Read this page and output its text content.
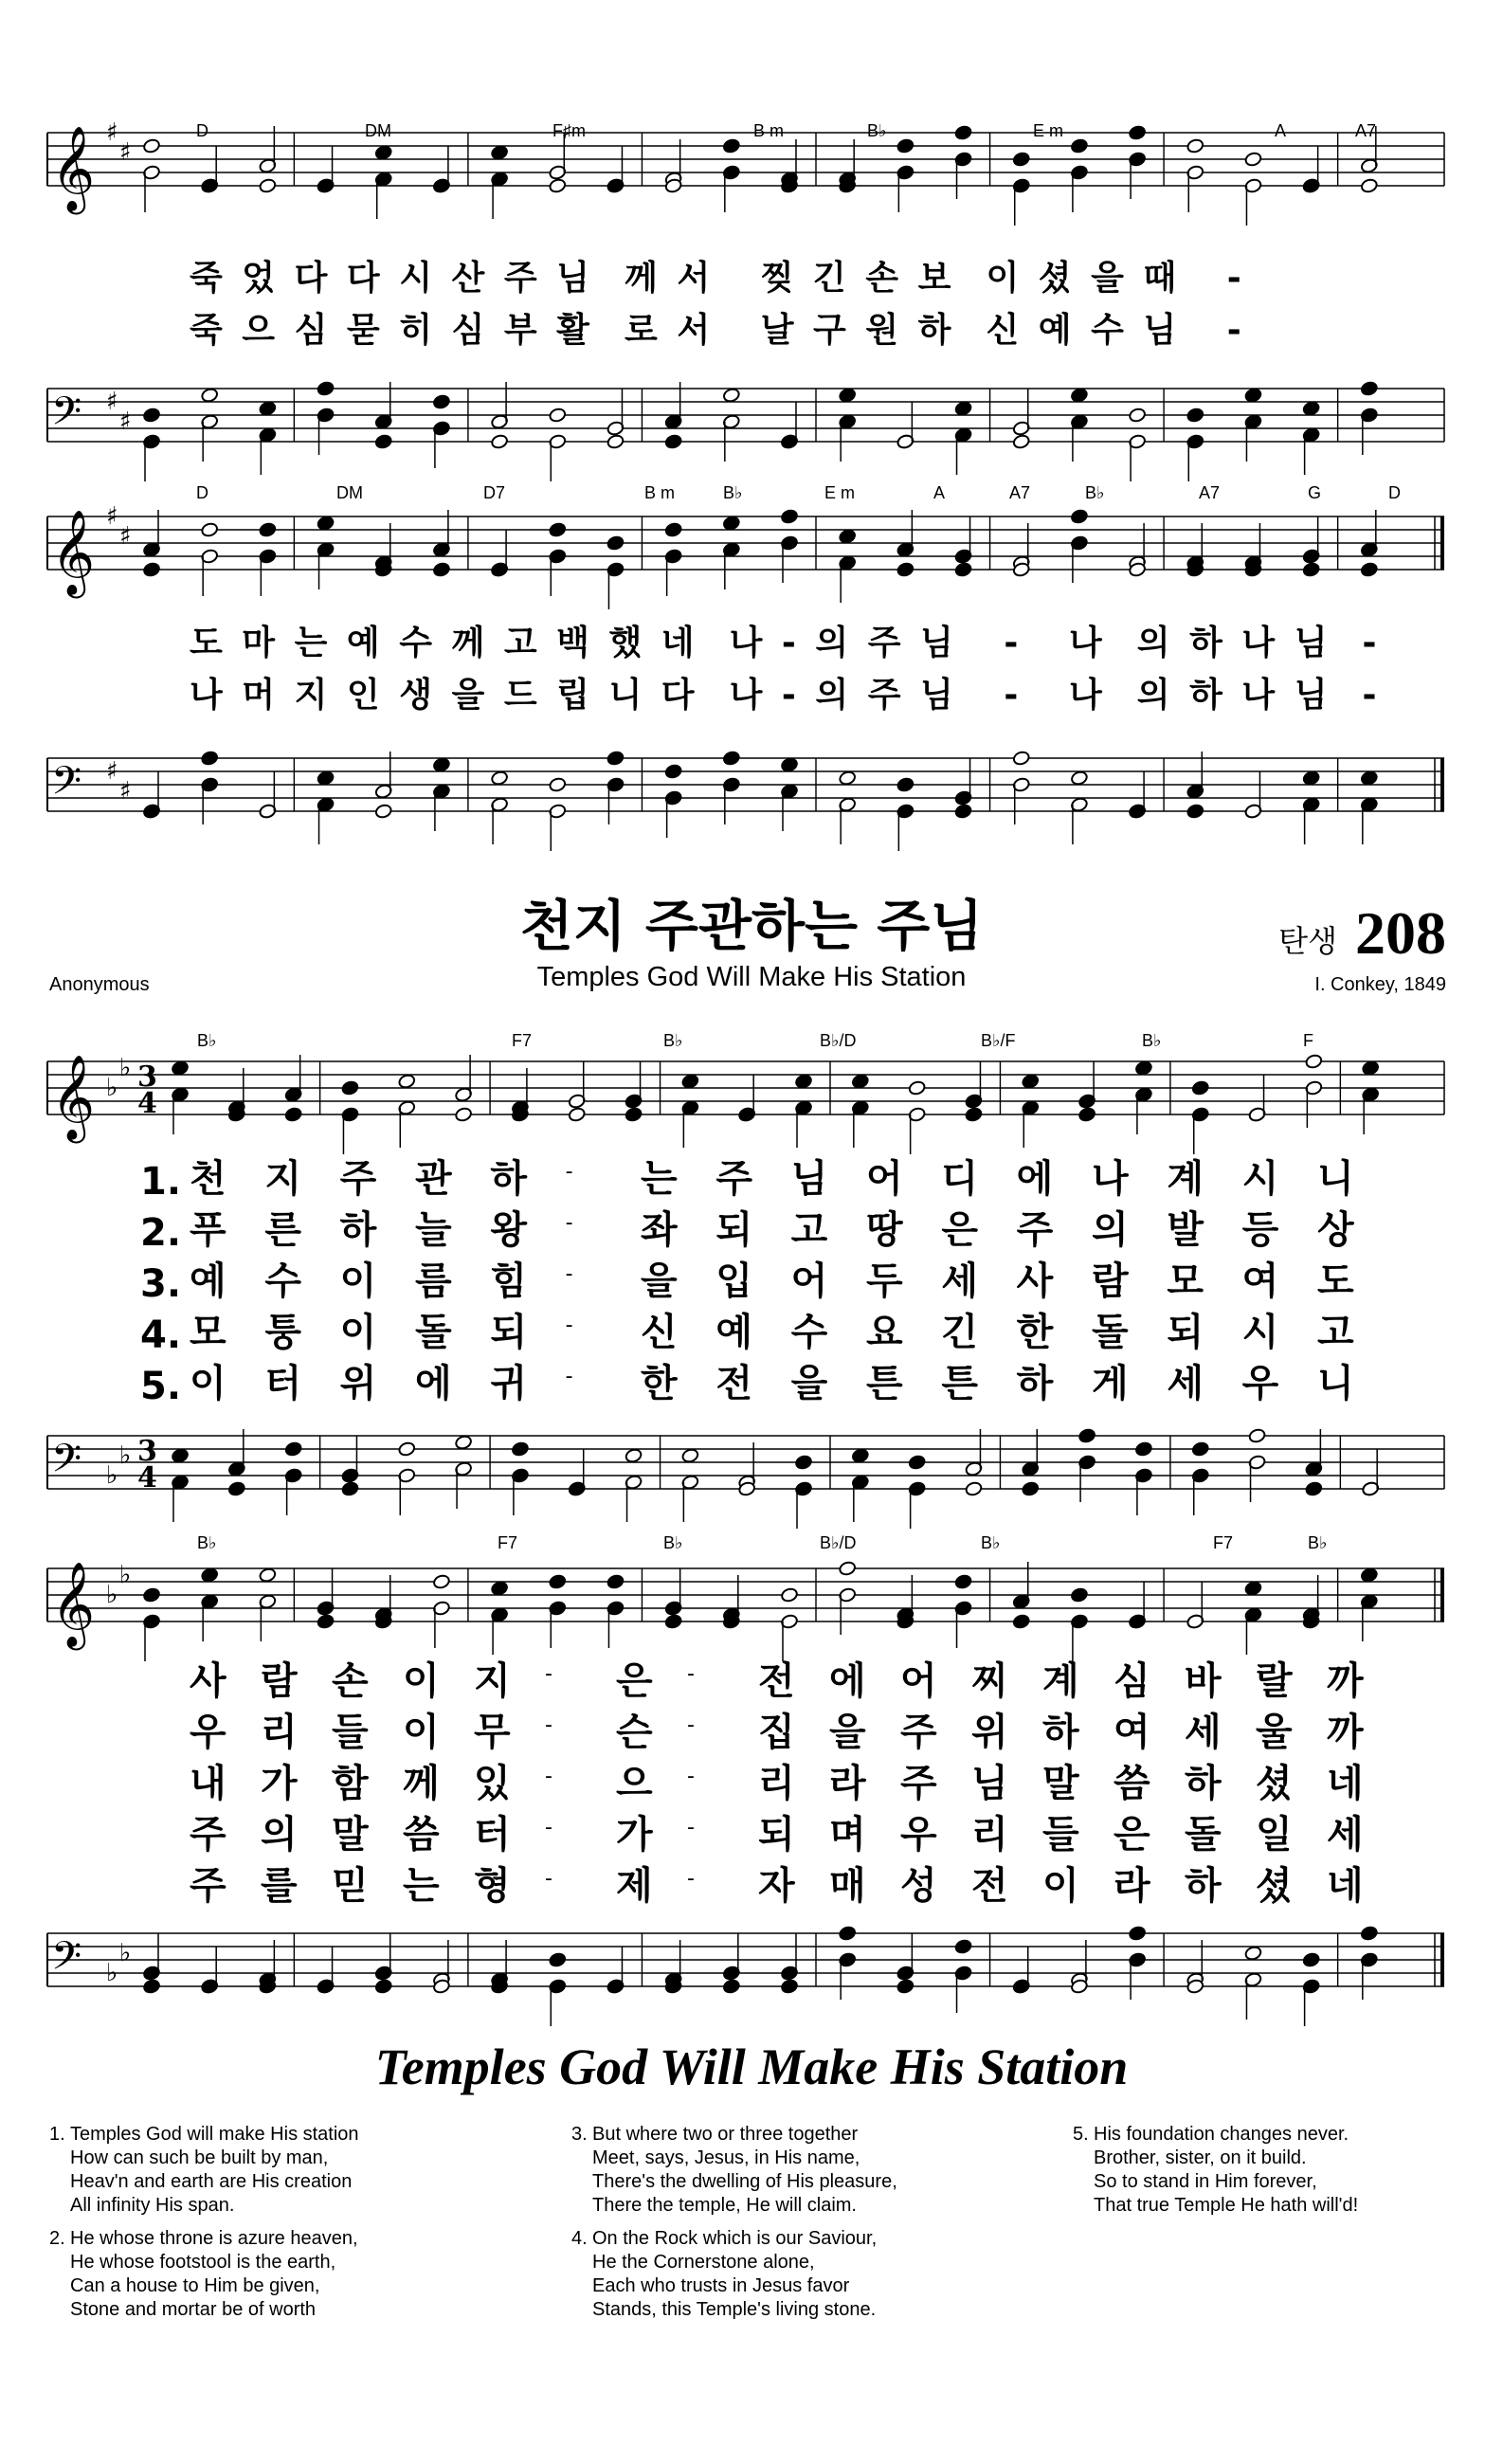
D	DM	F♯m	B m	B♭	E m	A	A7
𝄞 ♯
♯
죽 었 다 다 시 산 주 님  께 서   찢 긴 손 보  이 셨 을 때   -
죽 으 심 묻 히 심 부 활  로 서   날 구 원 하  신 예 수 님   -
𝄢 ♯
♯
D	DM	D7	B m	B♭	E m	A	A7	B♭	A7	G	D
𝄞 ♯
♯
도 마 는 예 수 께 고 백 했 네  나 - 의 주 님   -   나  의 하 나 님  -
나 머 지 인 생 을 드 립 니 다  나 - 의 주 님   -   나  의 하 나 님  -
𝄢 ♯
♯
천지 주관하는 주님	탄생 208
Temples God Will Make His Station
Anonymous	I. Conkey, 1849
B♭	F7	B♭	B♭/D	B♭/F	B♭	F
𝄞 ♭
♭ 3
4
1. 천 지 주 관 하 - 는 주 님 어 디 에 나 계 시 니
2. 푸 른 하 늘 왕 - 좌 되 고 땅 은 주 의 발 등 상
3. 예 수 이 름 힘 - 을 입 어 두 세 사 람 모 여 도
4. 모 퉁 이 돌 되 - 신 예 수 요 긴 한 돌 되 시 고
5. 이 터 위 에 귀 - 한 전 을 튼 튼 하 게 세 우 니
𝄢 ♭
♭ 3
4
B♭	F7	B♭	B♭/D	B♭	F7	B♭
𝄞 ♭
♭
사 람 손 이 지 - 은 - 전 에 어 찌 계 심 바 랄 까
우 리 들 이 무 - 슨 - 집 을 주 위 하 여 세 울 까
내 가 함 께 있 - 으 - 리 라 주 님 말 씀 하 셨 네
주 의 말 씀 터 - 가 - 되 며 우 리 들 은 돌 일 세
주 를 믿 는 형 - 제 - 자 매 성 전 이 라 하 셨 네
𝄢 ♭
♭
Temples God Will Make His Station
1. Temples God will make His station
How can such be built by man,
Heav'n and earth are His creation
All infinity His span.
2. He whose throne is azure heaven,
He whose footstool is the earth,
Can a house to Him be given,
Stone and mortar be of worth
3. But where two or three together
Meet, says, Jesus, in His name,
There's the dwelling of His pleasure,
There the temple, He will claim.
4. On the Rock which is our Saviour,
He the Cornerstone alone,
Each who trusts in Jesus favor
Stands, this Temple's living stone.
5. His foundation changes never.
Brother, sister, on it build.
So to stand in Him forever,
That true Temple He hath will'd!
